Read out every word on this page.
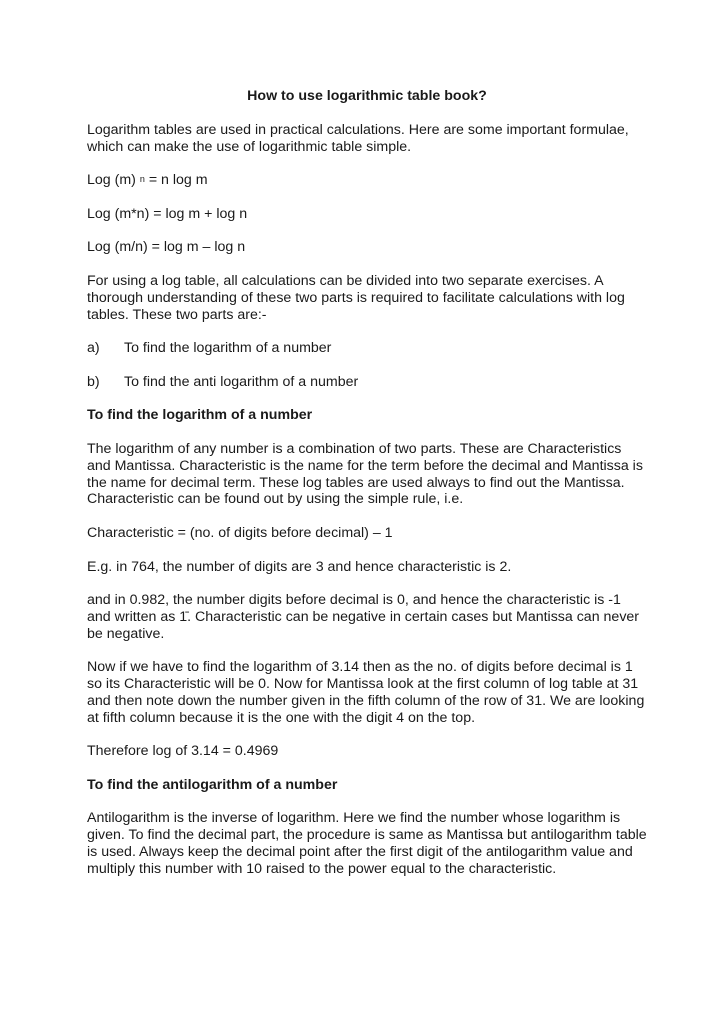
How to use logarithmic table book?

Logarithm tables are used in practical calculations. Here are some important formulae, which can make the use of logarithmic table simple.

Log (m) $^n$ = n log m

Log (m*n) = log m + log n

Log (m/n) = log m – log n

For using a log table, all calculations can be divided into two separate exercises. A thorough understanding of these two parts is required to facilitate calculations with log tables. These two parts are:-

a)	To find the logarithm of a number

b)	To find the anti logarithm of a number

To find the logarithm of a number

The logarithm of any number is a combination of two parts. These are Characteristics and Mantissa. Characteristic is the name for the term before the decimal and Mantissa is the name for decimal term. These log tables are used always to find out the Mantissa. Characteristic can be found out by using the simple rule, i.e.

Characteristic = (no. of digits before decimal) – 1

E.g. in 764, the number of digits are 3 and hence characteristic is 2.

and in 0.982, the number digits before decimal is 0, and hence the characteristic is -1 and written as 1̄. Characteristic can be negative in certain cases but Mantissa can never be negative.

Now if we have to find the logarithm of 3.14 then as the no. of digits before decimal is 1 so its Characteristic will be 0. Now for Mantissa look at the first column of log table at 31 and then note down the number given in the fifth column of the row of 31. We are looking at fifth column because it is the one with the digit 4 on the top.

Therefore log of 3.14 = 0.4969

To find the antilogarithm of a number

Antilogarithm is the inverse of logarithm. Here we find the number whose logarithm is given. To find the decimal part, the procedure is same as Mantissa but antilogarithm table is used. Always keep the decimal point after the first digit of the antilogarithm value and multiply this number with 10 raised to the power equal to the characteristic.
